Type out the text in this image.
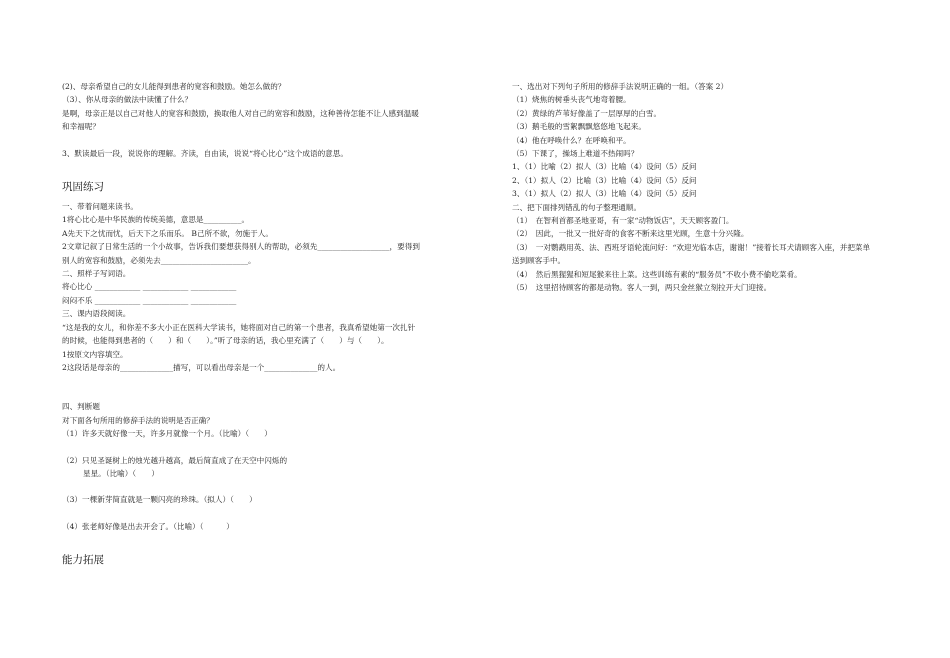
(2)、母亲希望自己的女儿能得到患者的宽容和鼓励。她怎么做的？
（3）、你从母亲的做法中读懂了什么？
是啊，母亲正是以自己对他人的宽容和鼓励，换取他人对自己的宽容和鼓励，这种善待怎能不让人感到温暖
和幸福呢？
3、默读最后一段，说说你的理解。齐读，自由读，说说“将心比心”这个成语的意思。
巩固练习
一、带着问题来读书。
1将心比心是中华民族的传统美德，意思是__________。
A先天下之忧而忧，后天下之乐而乐。 B己所不欲，勿施于人。
2文章记叙了日常生活的一个小故事，告诉我们要想获得别人的帮助，必须先___________________，要得到
别人的宽容和鼓励，必须先去_______________________。
二、照样子写词语。
将心比心 ____________ ____________ ____________
闷闷不乐 ____________ ____________ ____________
三、课内语段阅读。
“这是我的女儿，和你差不多大小正在医科大学读书，她将面对自己的第一个患者，我真希望她第一次扎针
的时候，也能得到患者的（　　）和（　　）。”听了母亲的话，我心里充满了（　　）与（　　）。
1按原文内容填空。
2这段话是母亲的______________描写，可以看出母亲是一个______________的人。
四、判断题
对下面各句所用的修辞手法的说明是否正确？
（1）许多天就好像一天，许多月就像一个月。（比喻）（　　）
（2）只见圣诞树上的烛光越升越高，最后简直成了在天空中闪烁的
星星。（比喻）（　　）
（3）一棵新芽简直就是一颗闪亮的珍珠。（拟人）（　　）
（4）张老师好像是出去开会了。（比喻）（　　　）
能力拓展
一、选出对下列句子所用的修辞手法说明正确的一组。（答案 2）
（1）烧焦的树垂头丧气地弯着腰。
（2）黄绿的芦苇好像盖了一层厚厚的白雪。
（3）鹅毛般的雪絮飘飘悠悠地飞起来。
（4）他在呼唤什么？在呼唤和平。
（5）下课了，操场上难道不热闹吗？
1、（1）比喻（2）拟人（3）比喻（4）设问（5）反问
2、（1）拟人（2）比喻（3）比喻（4）设问（5）反问
3、（1）拟人（2）拟人（3）比喻（4）设问（5）反问
二、把下面排列错乱的句子整理通顺。
（1）　在智利首都圣地亚哥，有一家“动物饭店”，天天顾客盈门。
（2）　因此，一批又一批好奇的食客不断来这里光顾，生意十分兴隆。
（3）　一对鹦鹉用英、法、西班牙语轮流问好：“欢迎光临本店，谢谢！”接着长耳犬请顾客入座，并把菜单
送到顾客手中。
（4）　然后黑猩猩和短尾猴来往上菜。这些训练有素的“服务员”不收小费不偷吃菜肴。
（5）　这里招待顾客的都是动物。客人一到，两只金丝猴立刻拉开大门迎接。
